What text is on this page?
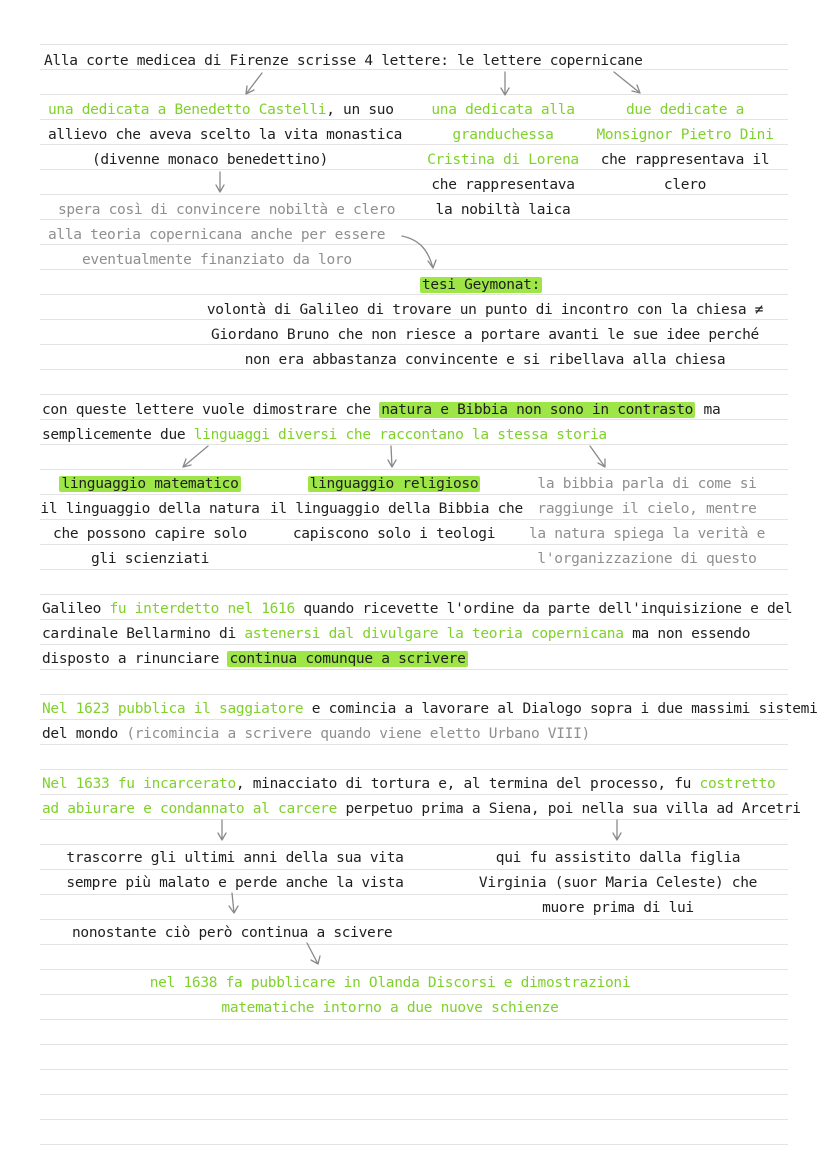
Alla corte medicea di Firenze scrisse 4 lettere: le lettere copernicane
una dedicata a Benedetto Castelli, un suo
allievo che aveva scelto la vita monastica
(divenne monaco benedettino)
una dedicata alla
granduchessa
Cristina di Lorena
che rappresentava
la nobiltà laica
due dedicate a
Monsignor Pietro Dini
che rappresentava il
clero
spera così di convincere nobiltà e clero
alla teoria copernicana anche per essere
eventualmente finanziato da loro
tesi Geymonat:
volontà di Galileo di trovare un punto di incontro con la chiesa ≠
Giordano Bruno che non riesce a portare avanti le sue idee perché
non era abbastanza convincente e si ribellava alla chiesa
con queste lettere vuole dimostrare che natura e Bibbia non sono in contrasto ma
semplicemente due linguaggi diversi che raccontano la stessa storia
linguaggio matematico
il linguaggio della natura
che possono capire solo
gli scienziati
linguaggio religioso
il linguaggio della Bibbia che
capiscono solo i teologi
la bibbia parla di come si
raggiunge il cielo, mentre
la natura spiega la verità e
l'organizzazione di questo
Galileo fu interdetto nel 1616 quando ricevette l'ordine da parte dell'inquisizione e del
cardinale Bellarmino di astenersi dal divulgare la teoria copernicana ma non essendo
disposto a rinunciare continua comunque a scrivere
Nel 1623 pubblica il saggiatore e comincia a lavorare al Dialogo sopra i due massimi sistemi
del mondo (ricomincia a scrivere quando viene eletto Urbano VIII)
Nel 1633 fu incarcerato, minacciato di tortura e, al termina del processo, fu costretto
ad abiurare e condannato al carcere perpetuo prima a Siena, poi nella sua villa ad Arcetri
trascorre gli ultimi anni della sua vita
sempre più malato e perde anche la vista
qui fu assistito dalla figlia
Virginia (suor Maria Celeste) che
muore prima di lui
nonostante ciò però continua a scivere
nel 1638 fa pubblicare in Olanda Discorsi e dimostrazioni
matematiche intorno a due nuove schienze
